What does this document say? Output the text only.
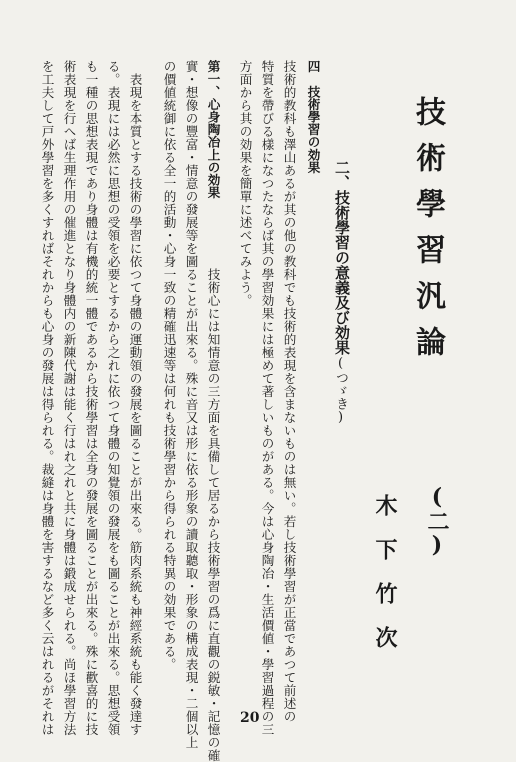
技術學習汎論
(二)
木下竹次
二、技術學習の意義及び効果
(つゞき)
四　技術學習の効果
技術的教科も澤山あるが其の他の教科でも技術的表現を含まないものは無い。若し技術學習が正當であつて前述の
特質を帶びる樣になつたならば其の學習効果には極めて著しいものがある。今は心身陶冶・生活價値・學習過程の三
方面から其の効果を簡單に述べてみよう。
第一、心身陶冶上の効果
　技術心には知情意の三方面を具備して居るから技術學習の爲に直觀の鋭敏・記憶の確
實・想像の豐富・情意の發展等を圖ることが出來る。殊に音又は形に依る形象の讀取聽取・形象の構成表現・二個以上
の價値統御に依る全一的活動・心身一致の精確迅速等は何れも技術學習から得られる特異の効果である。
　表現を本質とする技術の學習に依つて身體の運動領の發展を圖ることが出來る。筋肉系統も神經系統も能く發達す
る。表現には必然に思想の受領を必要とするから之れに依つて身體の知覺領の發展をも圖ることが出來る。思想受領
も一種の思想表現であり身體は有機的統一體であるから技術學習は全身の發展を圖ることが出來る。殊に歡喜的に技
術表現を行へば生理作用の催進となり身體内の新陳代謝は能く行はれ之れと共に身體は鍛成せられる。尚ほ學習方法
を工夫して戸外學習を多くすればそれからも心身の發展は得られる。裁縫は身體を害するなど多く云はれるがそれは	20
